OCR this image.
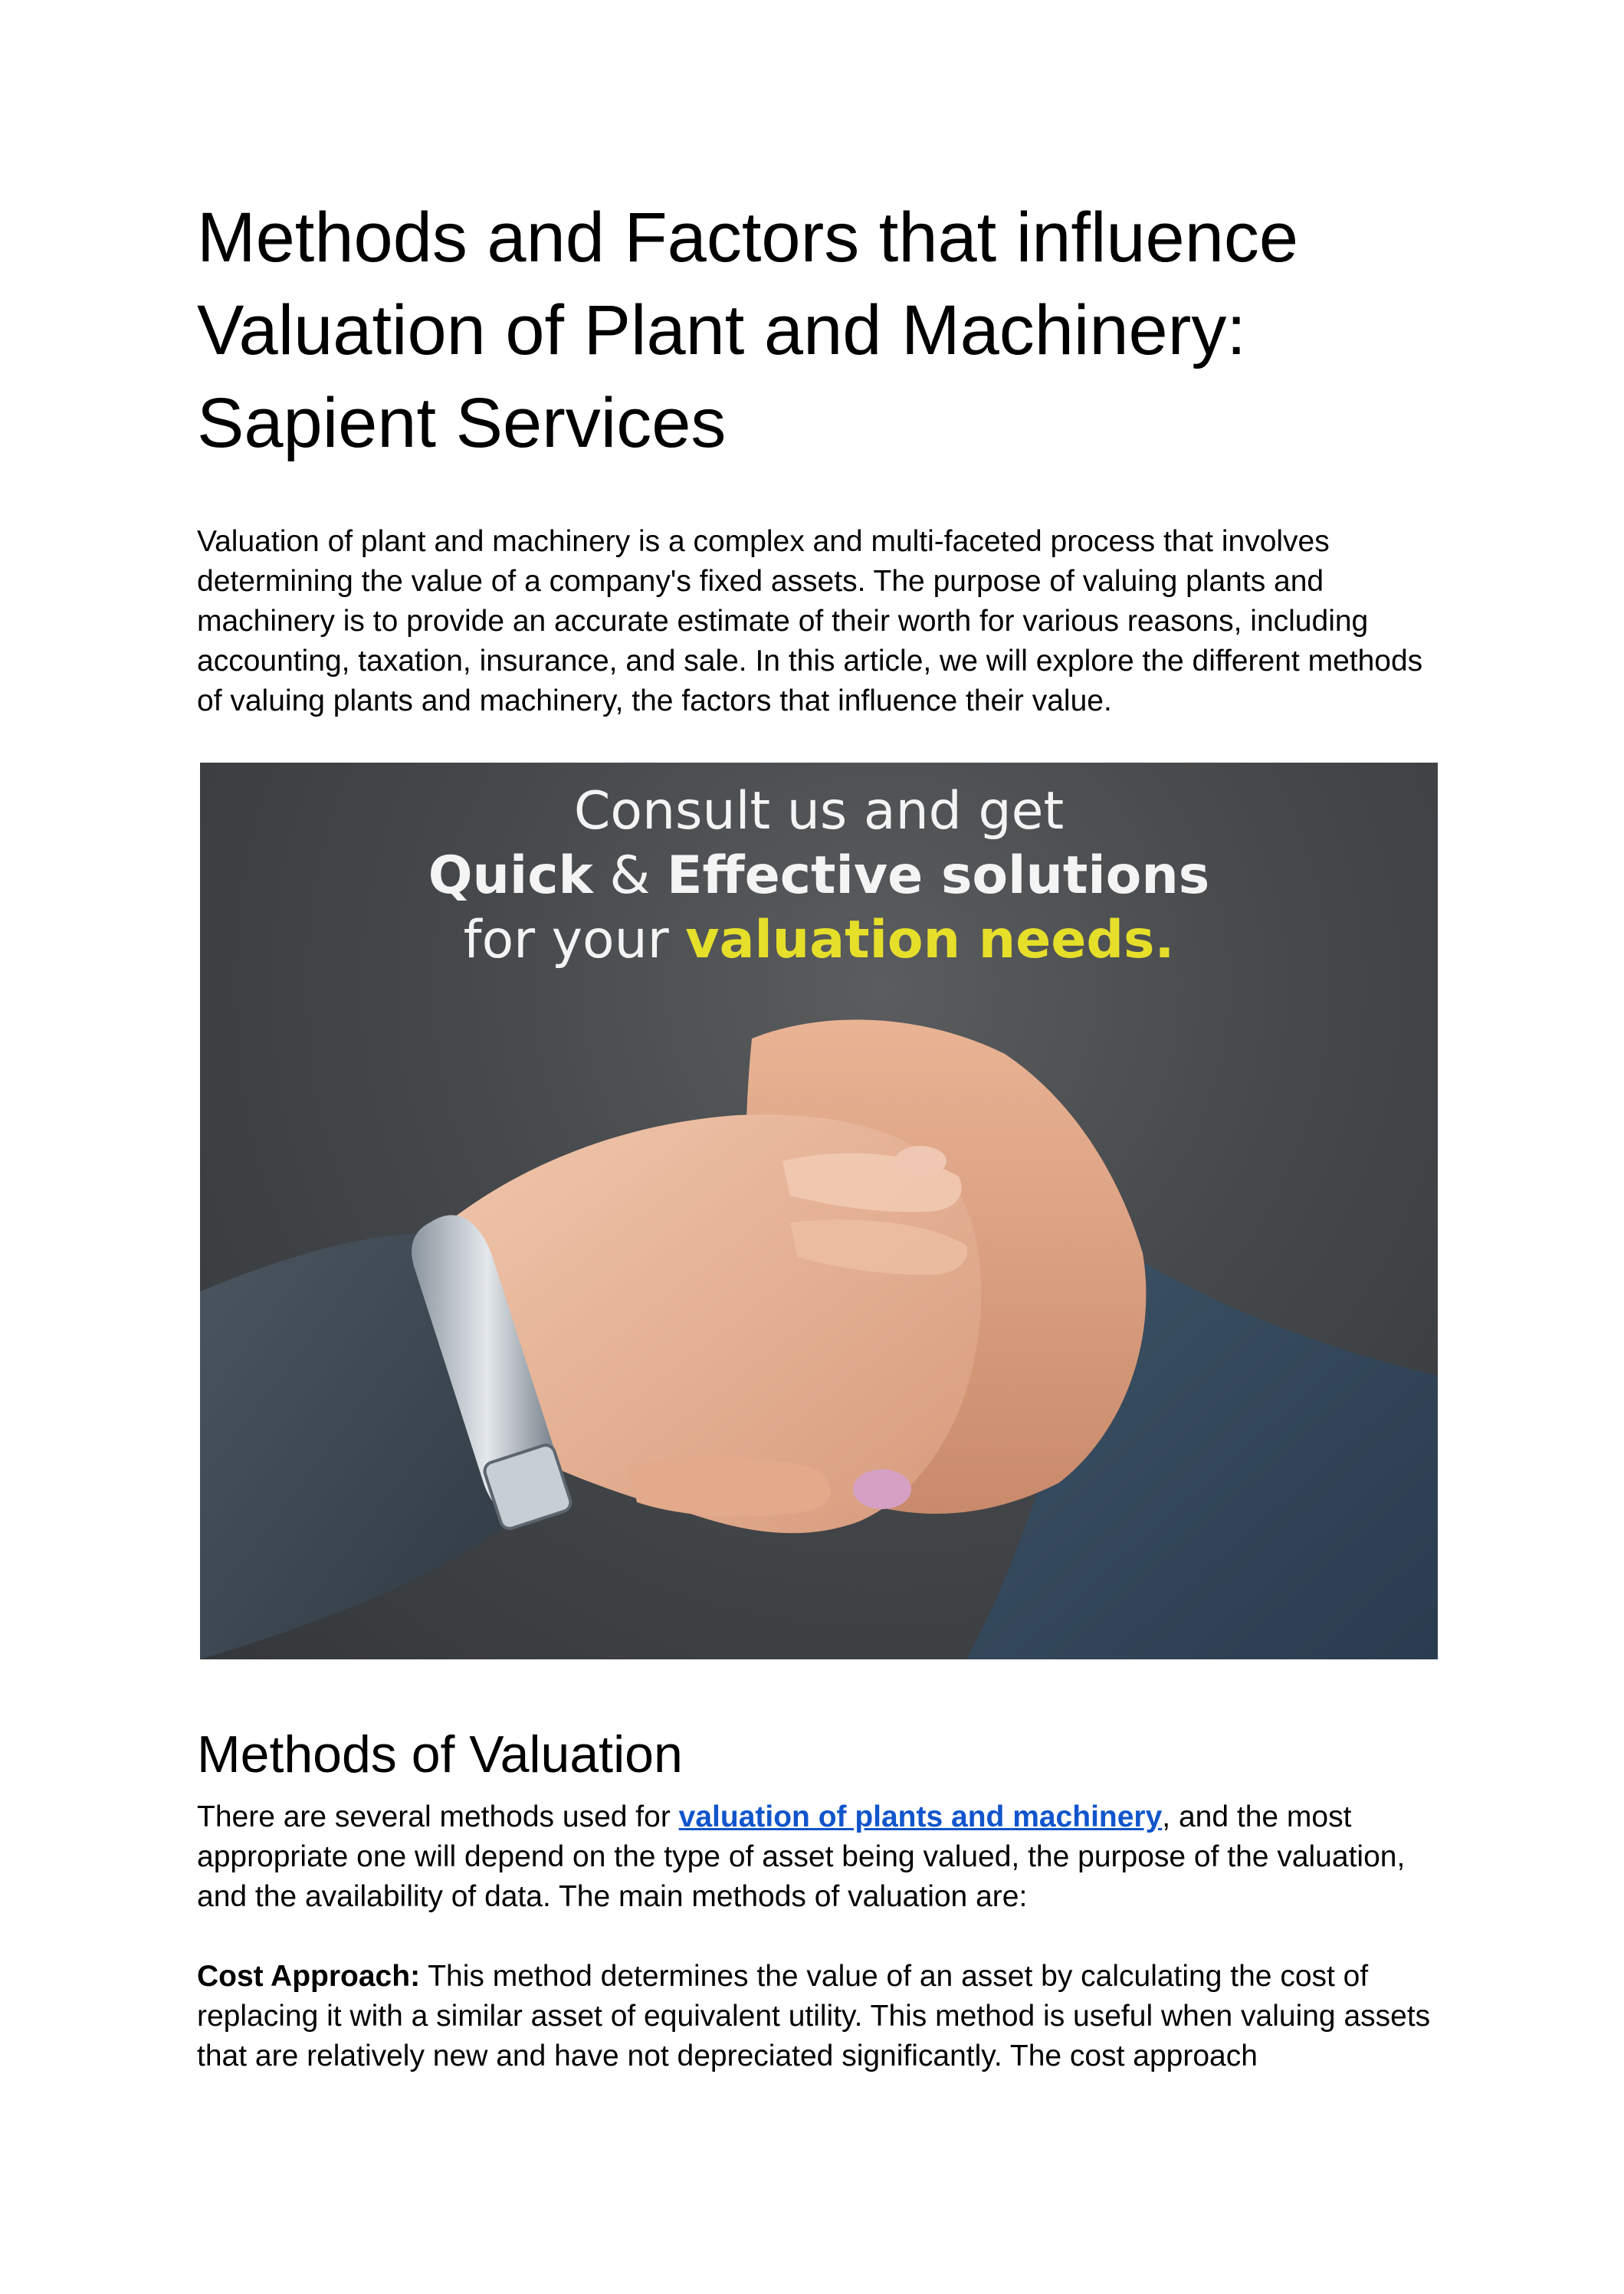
Methods and Factors that influence Valuation of Plant and Machinery: Sapient Services

Valuation of plant and machinery is a complex and multi-faceted process that involves determining the value of a company's fixed assets. The purpose of valuing plants and machinery is to provide an accurate estimate of their worth for various reasons, including accounting, taxation, insurance, and sale. In this article, we will explore the different methods of valuing plants and machinery, the factors that influence their value.

Consult us and get
Quick & Effective solutions
for your valuation needs.
Methods of Valuation

There are several methods used for valuation of plants and machinery, and the most appropriate one will depend on the type of asset being valued, the purpose of the valuation, and the availability of data. The main methods of valuation are:

Cost Approach: This method determines the value of an asset by calculating the cost of replacing it with a similar asset of equivalent utility. This method is useful when valuing assets that are relatively new and have not depreciated significantly. The cost approach
